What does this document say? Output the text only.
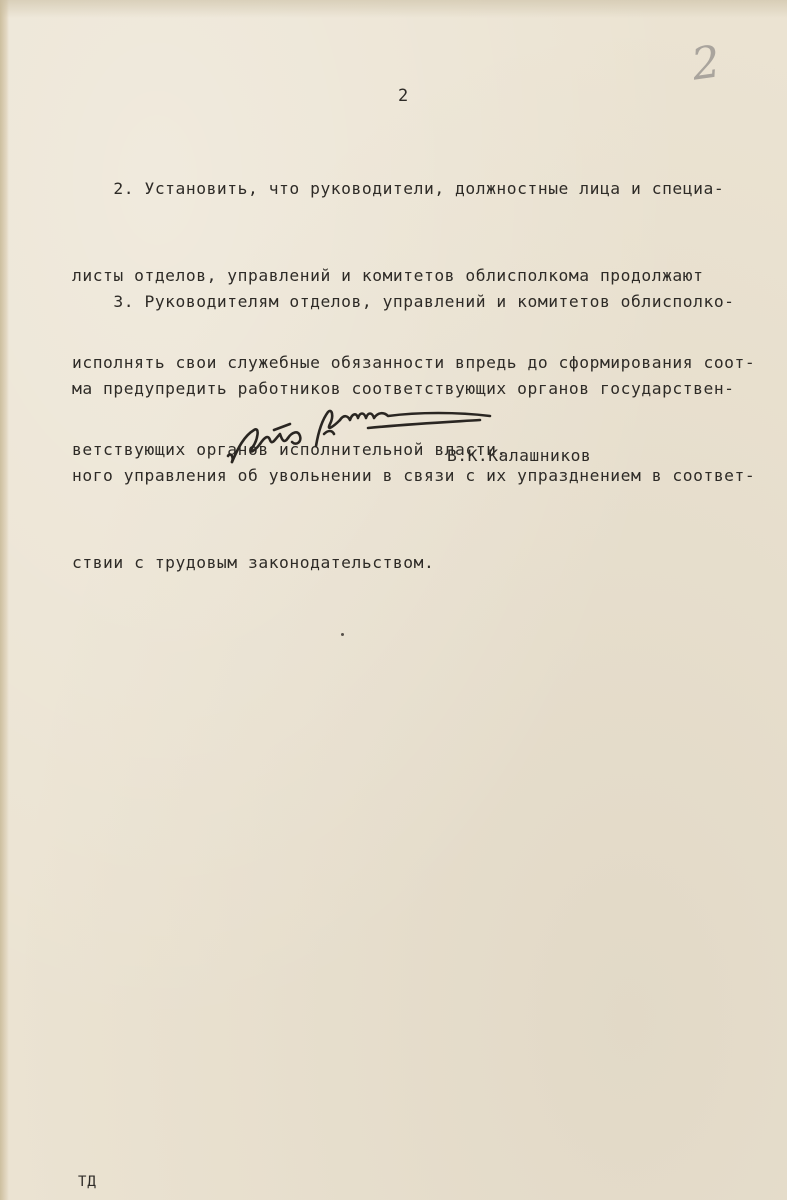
2
2

2. Установить, что руководители, должностные лица и специа-

листы отделов, управлений и комитетов облисполкома продолжают

исполнять свои служебные обязанности впредь до сформирования соот-

ветствующих органов исполнительной власти.

3. Руководителям отделов, управлений и комитетов облисполко-

ма предупредить работников соответствующих органов государствен-

ного управления об увольнении в связи с их упразднением в соответ-

ствии с трудовым законодательством.

В.К.Калашников
ТД
